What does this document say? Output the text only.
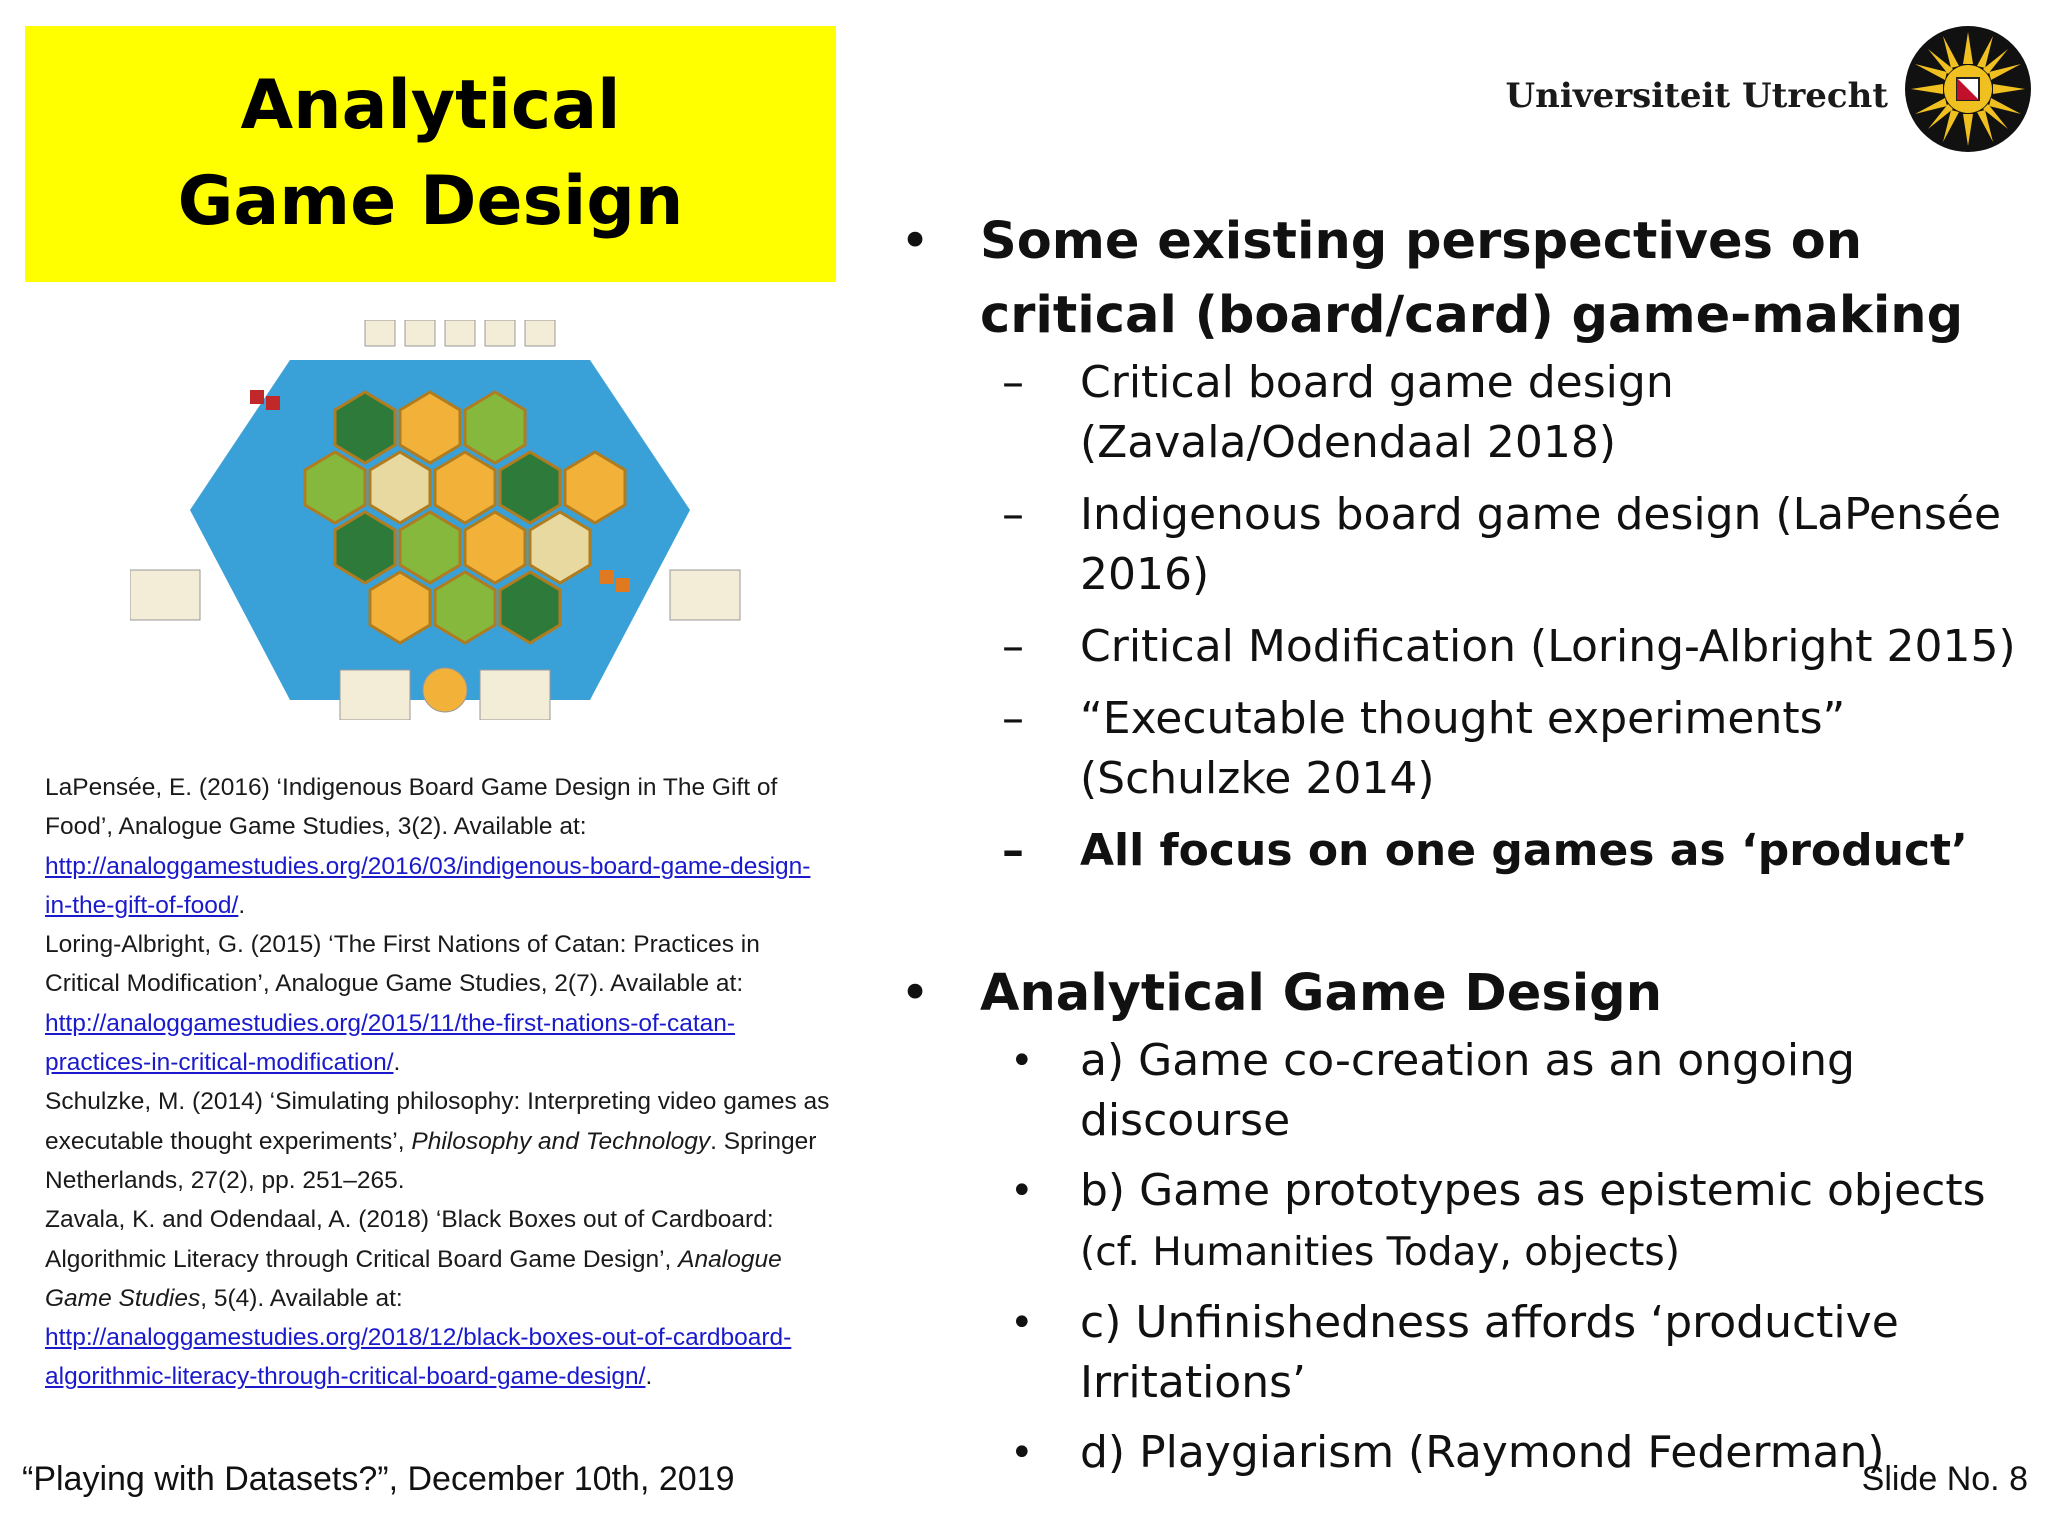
Analytical Game Design
Universiteit Utrecht

LaPensée, E. (2016) ‘Indigenous Board Game Design in The Gift of Food’, Analogue Game Studies, 3(2). Available at: http://analoggamestudies.org/2016/03/indigenous-board-game-design-in-the-gift-of-food/.

Loring-Albright, G. (2015) ‘The First Nations of Catan: Practices in Critical Modification’, Analogue Game Studies, 2(7). Available at: http://analoggamestudies.org/2015/11/the-first-nations-of-catan-practices-in-critical-modification/.

Schulzke, M. (2014) ‘Simulating philosophy: Interpreting video games as executable thought experiments’, Philosophy and Technology. Springer Netherlands, 27(2), pp. 251–265.

Zavala, K. and Odendaal, A. (2018) ‘Black Boxes out of Cardboard: Algorithmic Literacy through Critical Board Game Design’, Analogue Game Studies, 5(4). Available at: http://analoggamestudies.org/2018/12/black-boxes-out-of-cardboard-algorithmic-literacy-through-critical-board-game-design/.

• Some existing perspectives on critical (board/card) game-making
– Critical board game design (Zavala/Odendaal 2018)
– Indigenous board game design (LaPensée 2016)
– Critical Modification (Loring-Albright 2015)
– “Executable thought experiments” (Schulzke 2014)
– All focus on one games as ‘product’
• Analytical Game Design
• a) Game co-creation as an ongoing discourse
• b) Game prototypes as epistemic objects
(cf. Humanities Today, objects)
• c) Unfinishedness affords ‘productive Irritations’
• d) Playgiarism (Raymond Federman)
“Playing with Datasets?”, December 10th, 2019	Slide No. 8
